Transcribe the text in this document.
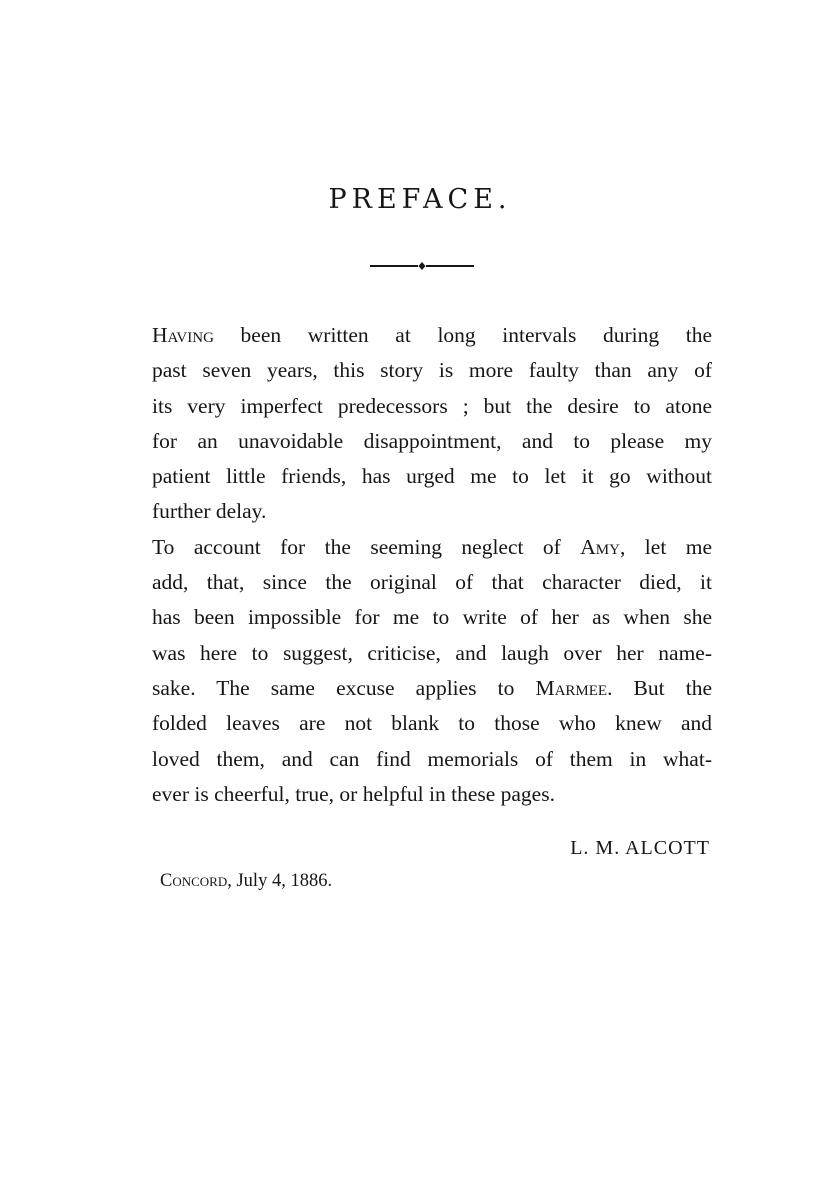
PREFACE.

Having been written at long intervals during the
past seven years, this story is more faulty than any of
its very imperfect predecessors ; but the desire to atone
for an unavoidable disappointment, and to please my
patient little friends, has urged me to let it go without
further delay.

To account for the seeming neglect of Amy, let me
add, that, since the original of that character died, it
has been impossible for me to write of her as when she
was here to suggest, criticise, and laugh over her name-
sake. The same excuse applies to Marmee. But the
folded leaves are not blank to those who knew and
loved them, and can find memorials of them in what-
ever is cheerful, true, or helpful in these pages.

L. M. ALCOTT
Concord, July 4, 1886.
